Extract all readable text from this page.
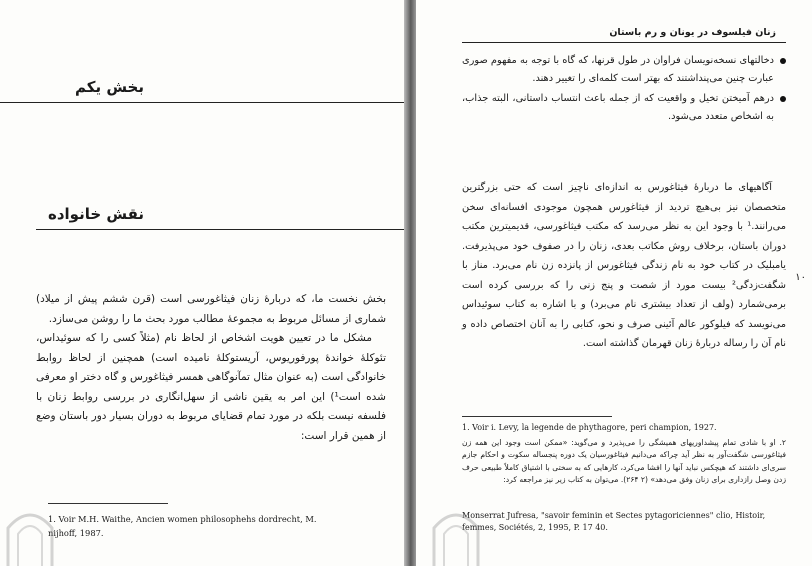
بخش یکم
نقش خانواده

بخش نخست ما، که دربارهٔ زنان فیثاغورسی است (قرن ششم پیش از میلاد) شماری از مسائل مربوط به مجموعهٔ مطالب مورد بحث ما را روشن می‌سازد.

مشکل ما در تعیین هویت اشخاص از لحاظ نام (مثلاً کسی را که سوئیداس، تئوکلهٔ خواندهٔ پورفوریوس، آریستوکلهٔ نامیده است) همچنین از لحاظ روابط خانوادگی است (به عنوان مثال تمآنوگاهی همسر فیثاغورس و گاه دختر او معرفی شده است¹) این امر به یقین ناشی از سهل‌انگاری در بررسی روابط زنان با فلسفه نیست بلکه در مورد تمام قضایای مربوط به دوران بسیار دور باستان وضع از همین قرار است:

1. Voir M.H. Waithe, Ancien women philosophehs dordrecht, M. nijhoff, 1987.
زنان فیلسوف در یونان و رم باستان
دخالتهای نسخه‌نویسان فراوان در طول قرنها، که گاه با توجه به مفهوم صوری عبارت چنین می‌پنداشتند که بهتر است کلمه‌ای را تغییر دهند.
درهم آمیختن تخیل و واقعیت که از جمله باعث انتساب داستانی، البته جذاب، به اشخاص متعدد می‌شود.

آگاهیهای ما دربارهٔ فیثاغورس به اندازه‌ای ناچیز است که حتی بزرگترین متخصصان نیز بی‌هیچ تردید از فیثاغورس همچون موجودی افسانه‌ای سخن می‌رانند.¹ با وجود این به نظر می‌رسد که مکتب فیثاغورسی، قدیمیترین مکتب دوران باستان، برخلاف روش مکاتب بعدی، زنان را در صفوف خود می‌پذیرفت. یامبلیک در کتاب خود به نام زندگی فیثاغورس از پانزده زن نام می‌برد. مناز با شگفت‌زدگی² بیست مورد از شصت و پنج زنی را که بررسی کرده است برمی‌شمارد (ولف از تعداد بیشتری نام می‌برد) و با اشاره به کتاب سوئیداس می‌نویسد که فیلوکور عالم آئینی صرف و نحو، کتابی را به آنان اختصاص داده و نام آن را رساله دربارهٔ زنان قهرمان گذاشته است.

۱۰
1. Voir i. Levy, la legende de phythagore, peri champion, 1927.
۲. او با شادی تمام پیشداوریهای همیشگی را می‌پذیرد و می‌گوید: «ممکن است وجود این همه زن فیثاغورسی شگفت‌آور به نظر آید چراکه می‌دانیم فیثاغورسیان یک دوره پنجساله سکوت و احکام جازم سری‌ای داشتند که هیچکس نباید آنها را افشا می‌کرد، کارهایی که به سختی با اشتیاق کاملاً طبیعی حرف زدن وصل رازداری برای زنان وفق می‌دهد» (۲ ۲۶۴). می‌توان به کتاب زیر نیز مراجعه کرد:
Monserrat Jufresa, "savoir feminin et Sectes pytagoriciennes" clio, Histoir, femmes, Sociétés, 2, 1995, P. 17 40.
